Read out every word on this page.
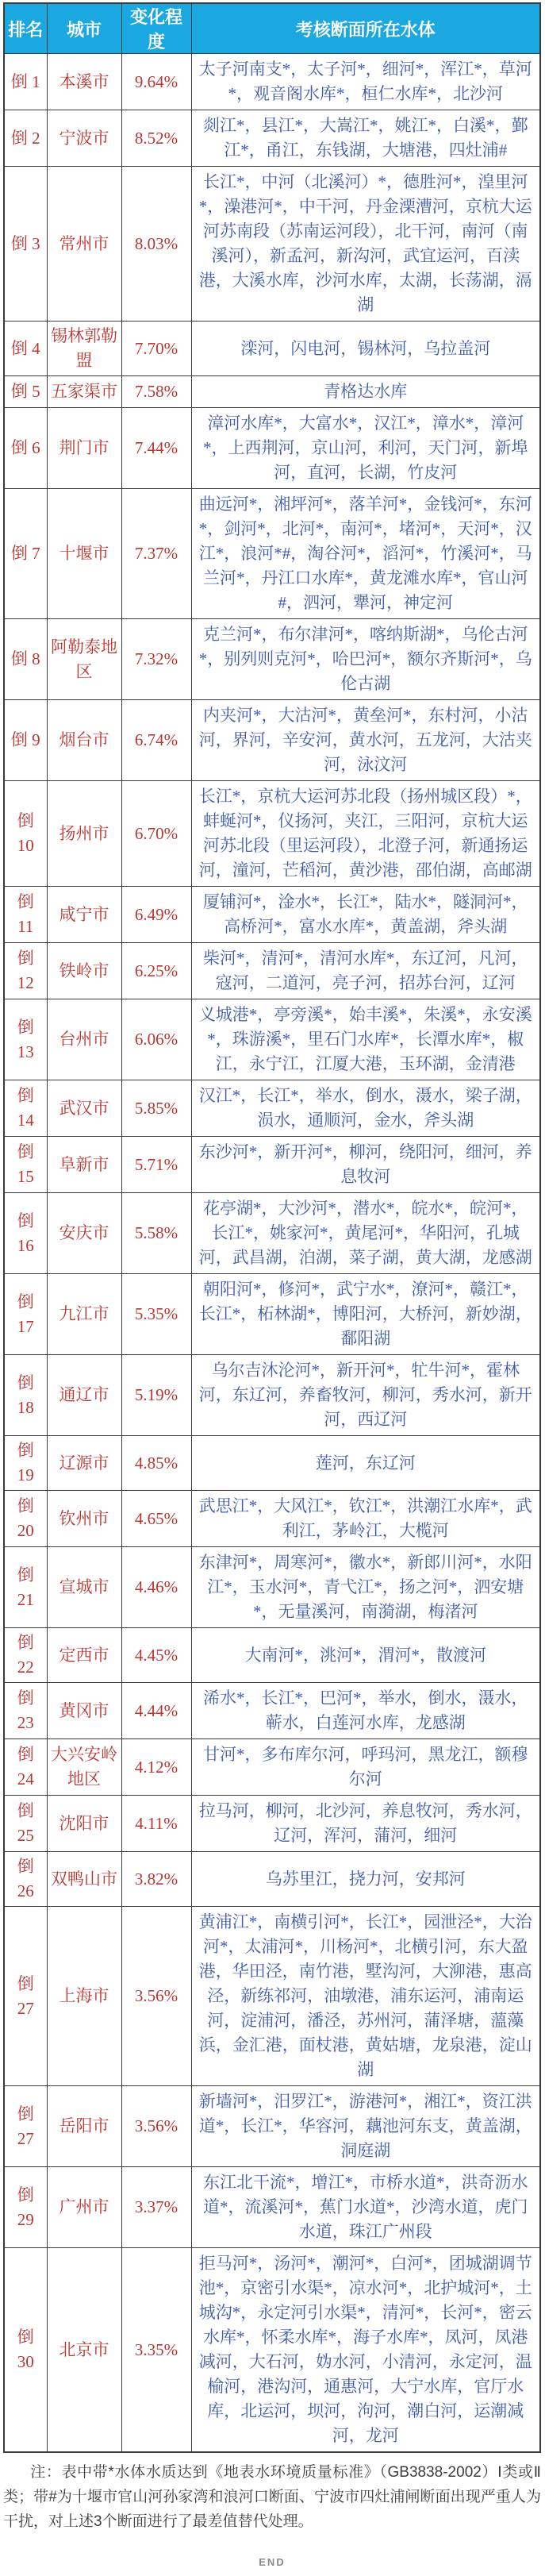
排名	城市	变化程度	考核断面所在水体
倒 1	本溪市	9.64%	太子河南支*，太子河*，细河*，浑江*，草河*，观音阁水库*，桓仁水库*，北沙河
倒 2	宁波市	8.52%	剡江*，县江*，大嵩江*，姚江*，白溪*，鄞江*，甬江，东钱湖，大塘港，四灶浦#
倒 3	常州市	8.03%	长江*，中河（北溪河）*，德胜河*，湟里河*，澡港河*，中干河，丹金溧漕河，京杭大运河苏南段（苏南运河段），北干河，南河（南溪河），新孟河，新沟河，武宜运河，百渎港，大溪水库，沙河水库，太湖，长荡湖，滆湖
倒 4	锡林郭勒盟	7.70%	滦河，闪电河，锡林河，乌拉盖河
倒 5	五家渠市	7.58%	青格达水库
倒 6	荆门市	7.44%	漳河水库*，大富水*，汉江*，漳水*，漳河*，上西荆河，京山河，利河，天门河，新埠河，直河，长湖，竹皮河
倒 7	十堰市	7.37%	曲远河*，湘坪河*，落羊河*，金钱河*，东河*，剑河*，北河*，南河*，堵河*，天河*，汉江*，浪河*#，淘谷河*，滔河*，竹溪河*，马兰河*，丹江口水库*，黄龙滩水库*，官山河#，泗河，犟河，神定河
倒 8	阿勒泰地区	7.32%	克兰河*，布尔津河*，喀纳斯湖*，乌伦古河*，别列则克河*，哈巴河*，额尔齐斯河*，乌伦古湖
倒 9	烟台市	6.74%	内夹河*，大沽河*，黄垒河*，东村河，小沽河，界河，辛安河，黄水河，五龙河，大沽夹河，泳汶河
倒 10	扬州市	6.70%	长江*，京杭大运河苏北段（扬州城区段）*，蚌蜒河*，仪扬河，夹江，三阳河，京杭大运河苏北段（里运河段），北澄子河，新通扬运河，潼河，芒稻河，黄沙港，邵伯湖，高邮湖
倒 11	咸宁市	6.49%	厦铺河*，淦水*，长江*，陆水*，隧洞河*，高桥河*，富水水库*，黄盖湖，斧头湖
倒 12	铁岭市	6.25%	柴河*，清河*，清河水库*，东辽河，凡河，寇河，二道河，亮子河，招苏台河，辽河
倒 13	台州市	6.06%	义城港*，亭旁溪*，始丰溪*，朱溪*，永安溪*，珠游溪*，里石门水库*，长潭水库*，椒江，永宁江，江厦大港，玉环湖，金清港
倒 14	武汉市	5.85%	汉江*，长江*，举水，倒水，滠水，梁子湖，涢水，通顺河，金水，斧头湖
倒 15	阜新市	5.71%	东沙河*，新开河*，柳河，绕阳河，细河，养息牧河
倒 16	安庆市	5.58%	花亭湖*，大沙河*，潜水*，皖水*，皖河*，长江*，姚家河*，黄尾河*，华阳河，孔城河，武昌湖，泊湖，菜子湖，黄大湖，龙感湖
倒 17	九江市	5.35%	朝阳河*，修河*，武宁水*，潦河*，赣江*，长江*，柘林湖*，博阳河，大桥河，新妙湖，鄱阳湖
倒 18	通辽市	5.19%	乌尔吉沐沦河*，新开河*，牤牛河*，霍林河，东辽河，养畜牧河，柳河，秀水河，新开河，西辽河
倒 19	辽源市	4.85%	莲河，东辽河
倒 20	钦州市	4.65%	武思江*，大风江*，钦江*，洪潮江水库*，武利江，茅岭江，大榄河
倒 21	宣城市	4.46%	东津河*，周寒河*，徽水*，新郎川河*，水阳江*，玉水河*，青弋江*，扬之河*，泗安塘*，无量溪河，南漪湖，梅渚河
倒 22	定西市	4.45%	大南河*，洮河*，渭河*，散渡河
倒 23	黄冈市	4.44%	浠水*，长江*，巴河*，举水，倒水，滠水，蕲水，白莲河水库，龙感湖
倒 24	大兴安岭地区	4.12%	甘河*，多布库尔河，呼玛河，黑龙江，额穆尔河
倒 25	沈阳市	4.11%	拉马河，柳河，北沙河，养息牧河，秀水河，辽河，浑河，蒲河，细河
倒 26	双鸭山市	3.82%	乌苏里江，挠力河，安邦河
倒 27	上海市	3.56%	黄浦江*，南横引河*，长江*，园泄泾*，大治河*，太浦河*，川杨河*，北横引河，东大盈港，华田泾，南竹港，墅沟河，大泖港，惠高泾，新练祁河，油墩港，浦东运河，浦南运河，淀浦河，潘泾，苏州河，蒲泽塘，薀藻浜，金汇港，面杖港，黄姑塘，龙泉港，淀山湖
倒 27	岳阳市	3.56%	新墙河*，汨罗江*，游港河*，湘江*，资江洪道*，长江*，华容河，藕池河东支，黄盖湖，洞庭湖
倒 29	广州市	3.37%	东江北干流*，增江*，市桥水道*，洪奇沥水道*，流溪河*，蕉门水道*，沙湾水道，虎门水道，珠江广州段
倒 30	北京市	3.35%	拒马河*，汤河*，潮河*，白河*，团城湖调节池*，京密引水渠*，凉水河*，北护城河*，土城沟*，永定河引水渠*，清河*，长河*，密云水库*，怀柔水库*，海子水库*，凤河，凤港减河，大石河，妫水河，小清河，永定河，温榆河，港沟河，通惠河，大宁水库，官厅水库，北运河，坝河，泃河，潮白河，运潮减河，龙河

注：表中带*水体水质达到《地表水环境质量标准》（GB3838-2002）Ⅰ类或Ⅱ类；带#为十堰市官山河孙家湾和浪河口断面、宁波市四灶浦闸断面出现严重人为干扰，对上述3个断面进行了最差值替代处理。

END
